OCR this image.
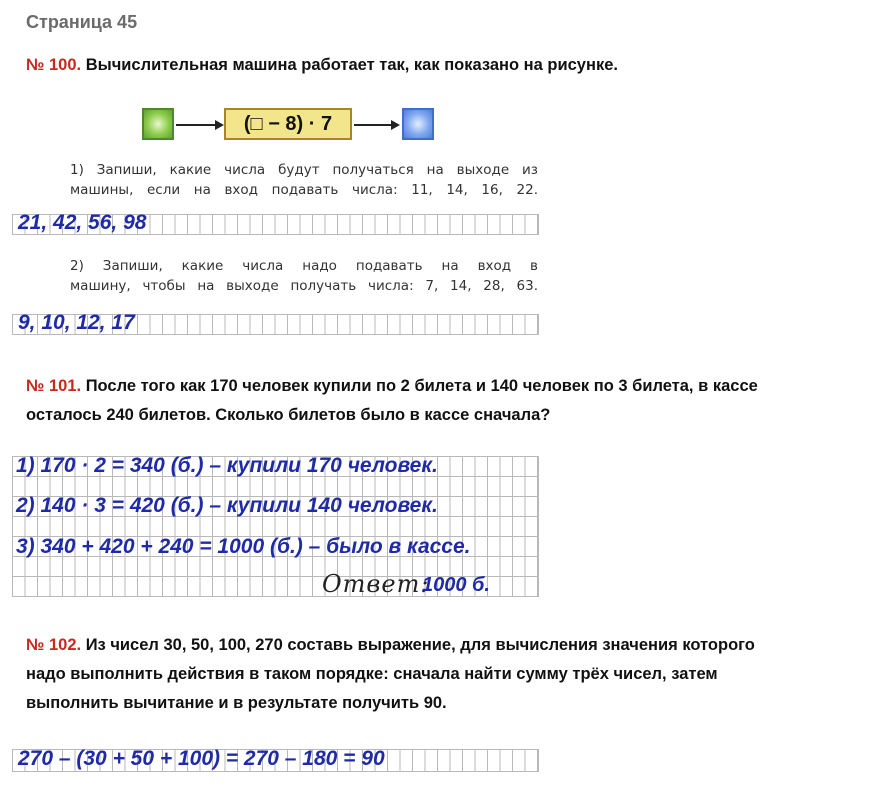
Страница 45
№ 100. Вычислительная машина работает так, как показано на рисунке.
(□ − 8) · 7
1) Запиши, какие числа будут получаться на выходе из
машины, если на вход подавать числа: 11, 14, 16, 22.
21, 42, 56, 98
2) Запиши, какие числа надо подавать на вход в
машину, чтобы на выходе получать числа: 7, 14, 28, 63.
9, 10, 12, 17
№ 101. После того как 170 человек купили по 2 билета и 140 человек по 3 билета, в кассе
осталось 240 билетов. Сколько билетов было в кассе сначала?
1) 170 · 2 = 340 (б.) – купили 170 человек.
2) 140 · 3 = 420 (б.) – купили 140 человек.
3) 340 + 420 + 240 = 1000 (б.) – было в кассе.
Ответ:
1000 б.
№ 102. Из чисел 30, 50, 100, 270 составь выражение, для вычисления значения которого
надо выполнить действия в таком порядке: сначала найти сумму трёх чисел, затем
выполнить вычитание и в результате получить 90.
270 – (30 + 50 + 100) = 270 – 180 = 90
